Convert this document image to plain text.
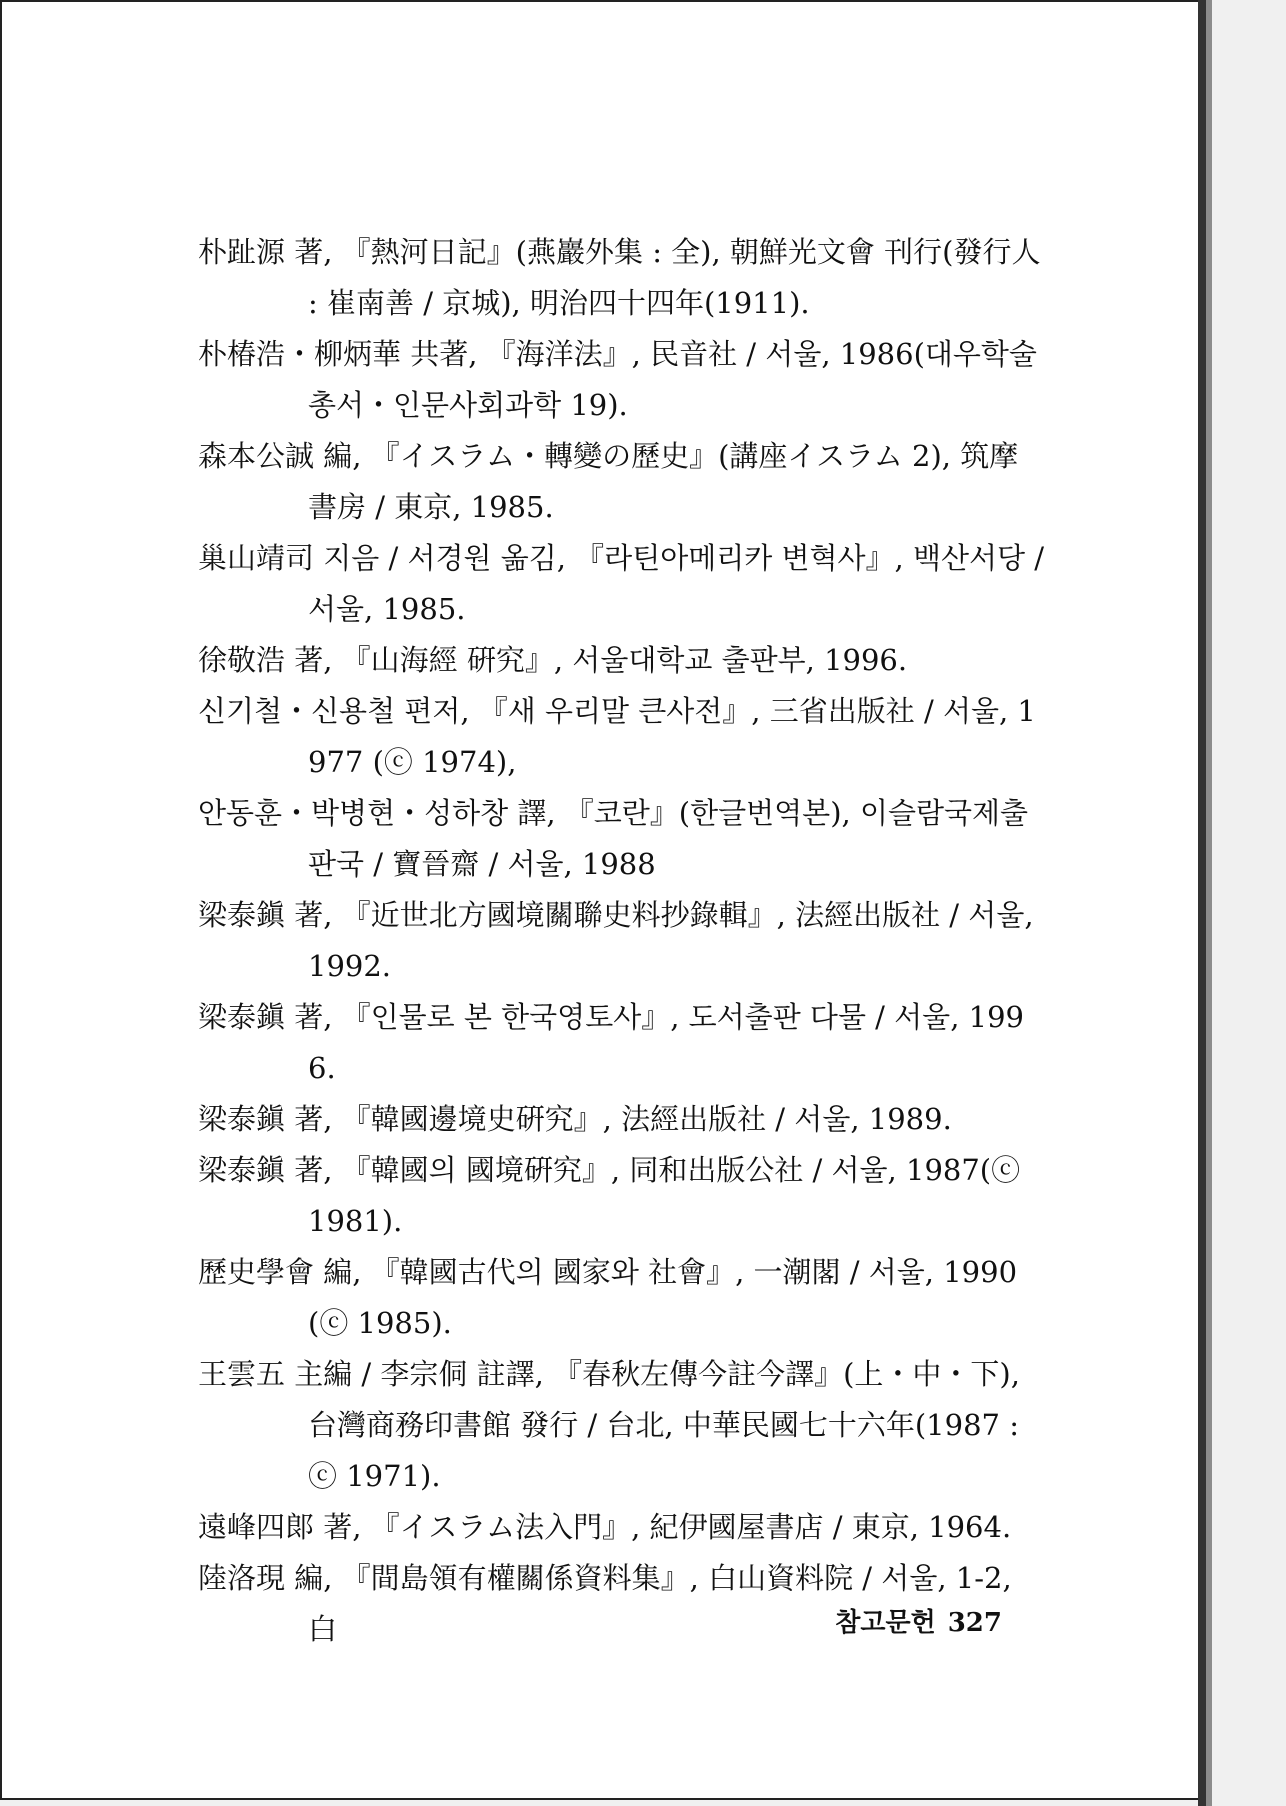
朴趾源 著, 『熱河日記』(燕巖外集 : 全), 朝鮮光文會 刊行(發行人 : 崔南善 / 京城), 明治四十四年(1911).

朴椿浩・柳炳華 共著, 『海洋法』, 民音社 / 서울, 1986(대우학술총서・인문사회과학 19).

森本公誠 編, 『イスラム・轉變の歷史』(講座イスラム 2), 筑摩書房 / 東京, 1985.

巢山靖司 지음 / 서경원 옮김, 『라틴아메리카 변혁사』, 백산서당 / 서울, 1985.

徐敬浩 著, 『山海經 硏究』, 서울대학교 출판부, 1996.

신기철・신용철 편저, 『새 우리말 큰사전』, 三省出版社 / 서울, 1977 (ⓒ 1974),

안동훈・박병현・성하창 譯, 『코란』(한글번역본), 이슬람국제출판국 / 寶晉齋 / 서울, 1988

梁泰鎭 著, 『近世北方國境關聯史料抄錄輯』, 法經出版社 / 서울, 1992.

梁泰鎭 著, 『인물로 본 한국영토사』, 도서출판 다물 / 서울, 1996.

梁泰鎭 著, 『韓國邊境史硏究』, 法經出版社 / 서울, 1989.

梁泰鎭 著, 『韓國의 國境硏究』, 同和出版公社 / 서울, 1987(ⓒ 1981).

歷史學會 編, 『韓國古代의 國家와 社會』, 一潮閣 / 서울, 1990(ⓒ 1985).

王雲五 主編 / 李宗侗 註譯, 『春秋左傳今註今譯』(上・中・下), 台灣商務印書館 發行 / 台北, 中華民國七十六年(1987 : ⓒ 1971).

遠峰四郞 著, 『イスラム法入門』, 紀伊國屋書店 / 東京, 1964.

陸洛現 編, 『間島領有權關係資料集』, 白山資料院 / 서울, 1-2, 白	참고문헌 327
